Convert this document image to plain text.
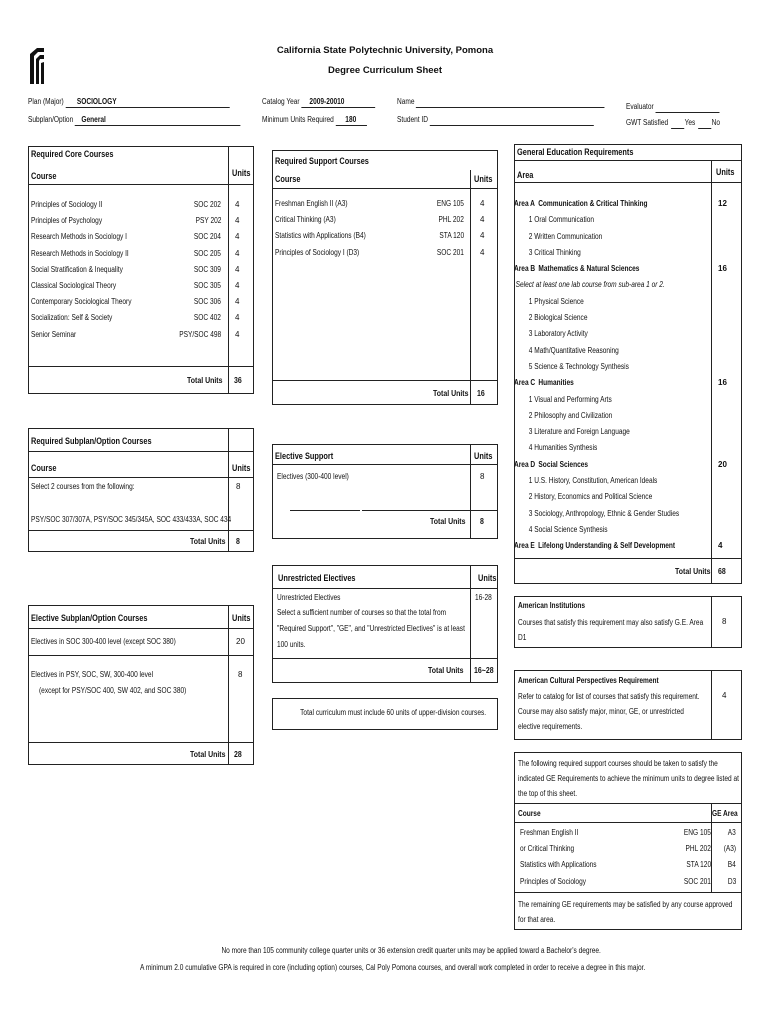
California State Polytechnic University, Pomona
Degree Curriculum Sheet
Plan (Major) SOCIOLOGY
Subplan/Option General
Catalog Year 2009-20010
Minimum Units Required 180
Name
Student ID
Evaluator
GWT Satisfied Yes No
Required Core Courses
Course	Units
Principles of Sociology II	SOC 202 4
Principles of Psychology	PSY 202 4
Research Methods in Sociology I	SOC 204 4
Research Methods in Sociology II	SOC 205 4
Social Stratification & Inequality	SOC 309 4
Classical Sociological Theory	SOC 305 4
Contemporary Sociological Theory	SOC 306 4
Socialization: Self & Society	SOC 402 4
Senior Seminar	PSY/SOC 498 4
Total Units 36
Required Subplan/Option Courses
Course	Units
Select 2 courses from the following:	8
PSY/SOC 307/307A, PSY/SOC 345/345A, SOC 433/433A, SOC 434
Total Units 8
Elective Subplan/Option Courses	Units
Electives in SOC 300-400 level (except SOC 380)	20
Electives in PSY, SOC, SW, 300-400 level
(except for PSY/SOC 400, SW 402, and SOC 380)
8
Total Units 28
Required Support Courses
Course	Units
Freshman English II (A3)	ENG 105 4
Critical Thinking (A3)	PHL 202 4
Statistics with Applications (B4)	STA 120 4
Principles of Sociology I (D3)	SOC 201 4
Total Units 16
Elective Support	Units
Electives (300-400 level)	8
Total Units 8
Unrestricted Electives	Units
Unrestricted Electives
Select a sufficient number of courses so that the total from
"Required Support", "GE", and "Unrestricted Electives" is at least
100 units.
16-28
Total Units 16~28
Total curriculum must include 60 units of upper-division courses.
General Education Requirements
Area	Units
Area A Communication & Critical Thinking	12
1 Oral Communication
2 Written Communication
3 Critical Thinking
Area B Mathematics & Natural Sciences	16
Select at least one lab course from sub-area 1 or 2.
1 Physical Science
2 Biological Science
3 Laboratory Activity
4 Math/Quantitative Reasoning
5 Science & Technology Synthesis
Area C Humanities	16
1 Visual and Performing Arts
2 Philosophy and Civilization
3 Literature and Foreign Language
4 Humanities Synthesis
Area D Social Sciences	20
1 U.S. History, Constitution, American Ideals
2 History, Economics and Political Science
3 Sociology, Anthropology, Ethnic & Gender Studies
4 Social Science Synthesis
Area E Lifelong Understanding & Self Development	4
Total Units 68
American Institutions
Courses that satisfy this requirement may also satisfy G.E. Area D1
8
American Cultural Perspectives Requirement
Refer to catalog for list of courses that satisfy this requirement. Course may also satisfy major, minor, GE, or unrestricted elective requirements.
4
The following required support courses should be taken to satisfy the indicated GE Requirements to achieve the minimum units to degree listed at the top of this sheet.
Course	GE Area
Freshman English II	ENG 105 A3
or Critical Thinking	PHL 202 (A3)
Statistics with Applications	STA 120 B4
Principles of Sociology	SOC 201 D3
The remaining GE requirements may be satisfied by any course approved for that area.
No more than 105 community college quarter units or 36 extension credit quarter units may be applied toward a Bachelor's degree.
A minimum 2.0 cumulative GPA is required in core (including option) courses, Cal Poly Pomona courses, and overall work completed in order to receive a degree in this major.
